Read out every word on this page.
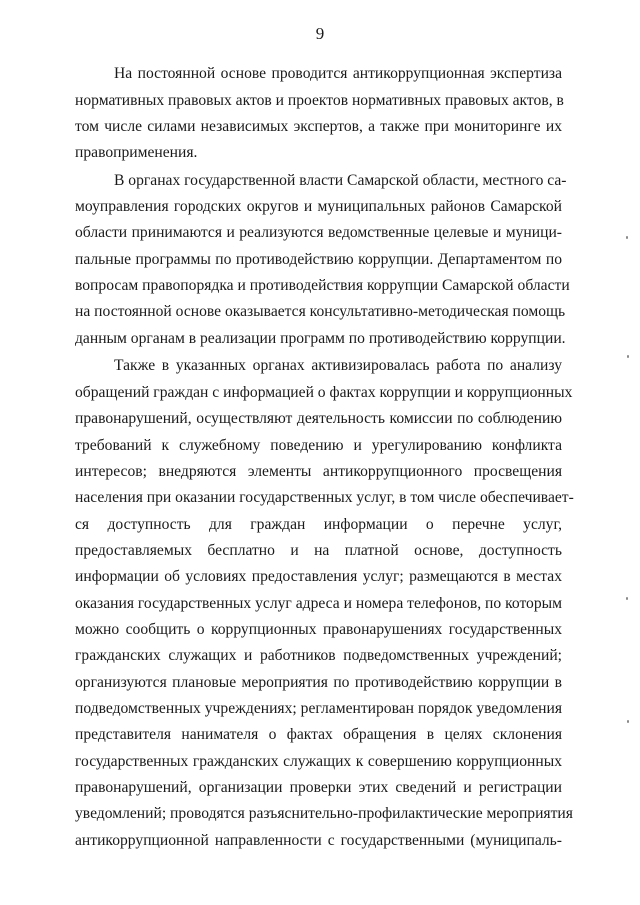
9
На постоянной основе проводится антикоррупционная экспертиза
нормативных правовых актов и проектов нормативных правовых актов, в
том числе силами независимых экспертов, а также при мониторинге их
правоприменения.
В органах государственной власти Самарской области, местного са-
моуправления городских округов и муниципальных районов Самарской
области принимаются и реализуются ведомственные целевые и муници-
пальные программы по противодействию коррупции. Департаментом по
вопросам правопорядка и противодействия коррупции Самарской области
на постоянной основе оказывается консультативно-методическая помощь
данным органам в реализации программ по противодействию коррупции.
Также в указанных органах активизировалась работа по анализу
обращений граждан с информацией о фактах коррупции и коррупционных
правонарушений, осуществляют деятельность комиссии по соблюдению
требований к служебному поведению и урегулированию конфликта
интересов; внедряются элементы антикоррупционного просвещения
населения при оказании государственных услуг, в том числе обеспечивает-
ся доступность для граждан информации о перечне услуг,
предоставляемых бесплатно и на платной основе, доступность
информации об условиях предоставления услуг; размещаются в местах
оказания государственных услуг адреса и номера телефонов, по которым
можно сообщить о коррупционных правонарушениях государственных
гражданских служащих и работников подведомственных учреждений;
организуются плановые мероприятия по противодействию коррупции в
подведомственных учреждениях; регламентирован порядок уведомления
представителя нанимателя о фактах обращения в целях склонения
государственных гражданских служащих к совершению коррупционных
правонарушений, организации проверки этих сведений и регистрации
уведомлений; проводятся разъяснительно-профилактические мероприятия
антикоррупционной направленности с государственными (муниципаль-
